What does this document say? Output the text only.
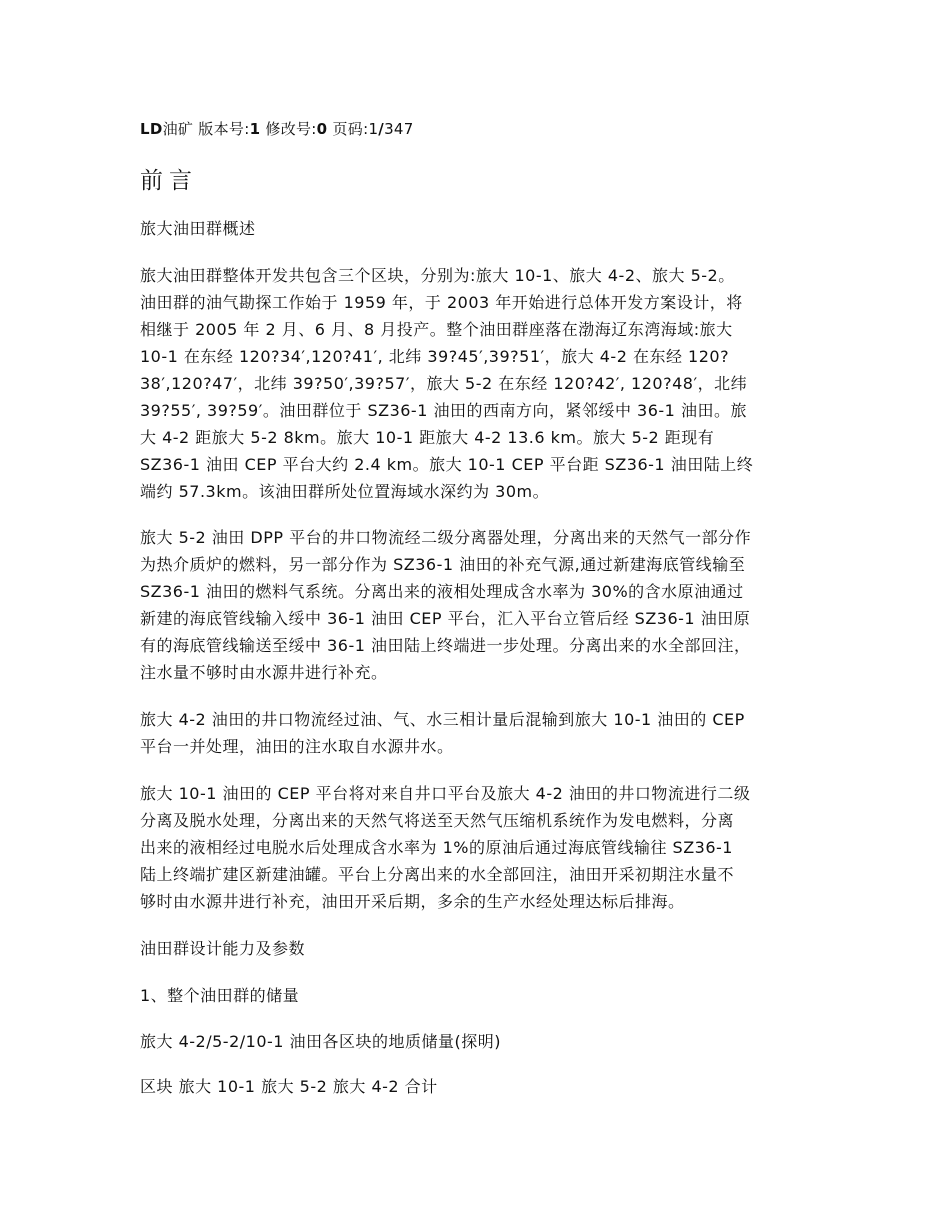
LD油矿 版本号:1 修改号:0 页码:1/347
前言
旅大油田群概述
旅大油田群整体开发共包含三个区块，分别为:旅大 10-1、旅大 4-2、旅大 5-2。
油田群的油气勘探工作始于 1959 年，于 2003 年开始进行总体开发方案设计，将
相继于 2005 年 2 月、6 月、8 月投产。整个油田群座落在渤海辽东湾海域:旅大
10-1 在东经 120?34′,120?41′, 北纬 39?45′,39?51′，旅大 4-2 在东经 120?
38′,120?47′，北纬 39?50′,39?57′，旅大 5-2 在东经 120?42′, 120?48′，北纬
39?55′, 39?59′。油田群位于 SZ36-1 油田的西南方向，紧邻绥中 36-1 油田。旅
大 4-2 距旅大 5-2 8km。旅大 10-1 距旅大 4-2 13.6 km。旅大 5-2 距现有
SZ36-1 油田 CEP 平台大约 2.4 km。旅大 10-1 CEP 平台距 SZ36-1 油田陆上终
端约 57.3km。该油田群所处位置海域水深约为 30m。
旅大 5-2 油田 DPP 平台的井口物流经二级分离器处理，分离出来的天然气一部分作
为热介质炉的燃料，另一部分作为 SZ36-1 油田的补充气源,通过新建海底管线输至
SZ36-1 油田的燃料气系统。分离出来的液相处理成含水率为 30%的含水原油通过
新建的海底管线输入绥中 36-1 油田 CEP 平台，汇入平台立管后经 SZ36-1 油田原
有的海底管线输送至绥中 36-1 油田陆上终端进一步处理。分离出来的水全部回注，
注水量不够时由水源井进行补充。
旅大 4-2 油田的井口物流经过油、气、水三相计量后混输到旅大 10-1 油田的 CEP
平台一并处理，油田的注水取自水源井水。
旅大 10-1 油田的 CEP 平台将对来自井口平台及旅大 4-2 油田的井口物流进行二级
分离及脱水处理，分离出来的天然气将送至天然气压缩机系统作为发电燃料，分离
出来的液相经过电脱水后处理成含水率为 1%的原油后通过海底管线输往 SZ36-1
陆上终端扩建区新建油罐。平台上分离出来的水全部回注，油田开采初期注水量不
够时由水源井进行补充，油田开采后期，多余的生产水经处理达标后排海。
油田群设计能力及参数
1、整个油田群的储量
旅大 4-2/5-2/10-1 油田各区块的地质储量(探明)
区块 旅大 10-1 旅大 5-2 旅大 4-2 合计
